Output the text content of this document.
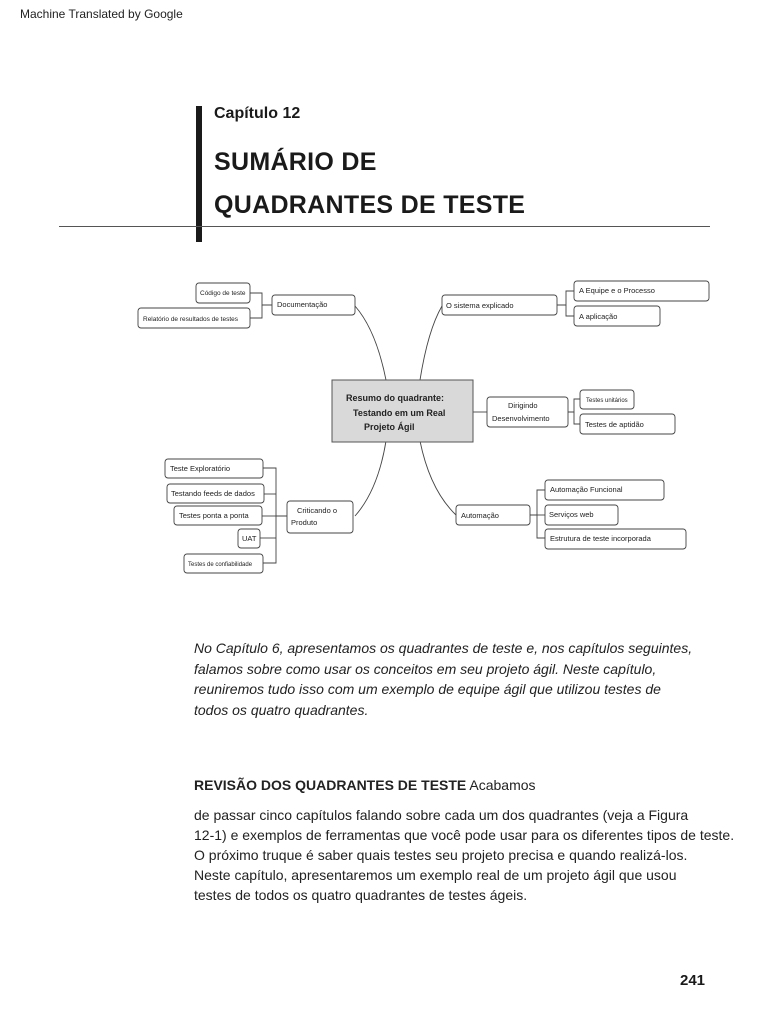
Machine Translated by Google
Capítulo 12
SUMÁRIO DE
QUADRANTES DE TESTE
Resumo do quadrante:
Testando em um Real
Projeto Ágil
Documentação
Código de teste
Relatório de resultados de testes
O sistema explicado
A Equipe e o Processo
A aplicação
Dirigindo
Desenvolvimento
Testes unitários
Testes de aptidão
Criticando o
Produto
Teste Exploratório
Testando feeds de dados
Testes ponta a ponta
UAT
Testes de confiabilidade
Automação
Automação Funcional
Serviços web
Estrutura de teste incorporada
No Capítulo 6, apresentamos os quadrantes de teste e, nos capítulos seguintes,
falamos sobre como usar os conceitos em seu projeto ágil. Neste capítulo,
reuniremos tudo isso com um exemplo de equipe ágil que utilizou testes de
todos os quatro quadrantes.
REVISÃO DOS QUADRANTES DE TESTE Acabamos
de passar cinco capítulos falando sobre cada um dos quadrantes (veja a Figura
12-1) e exemplos de ferramentas que você pode usar para os diferentes tipos de teste.
O próximo truque é saber quais testes seu projeto precisa e quando realizá-los.
Neste capítulo, apresentaremos um exemplo real de um projeto ágil que usou
testes de todos os quatro quadrantes de testes ágeis.
241
